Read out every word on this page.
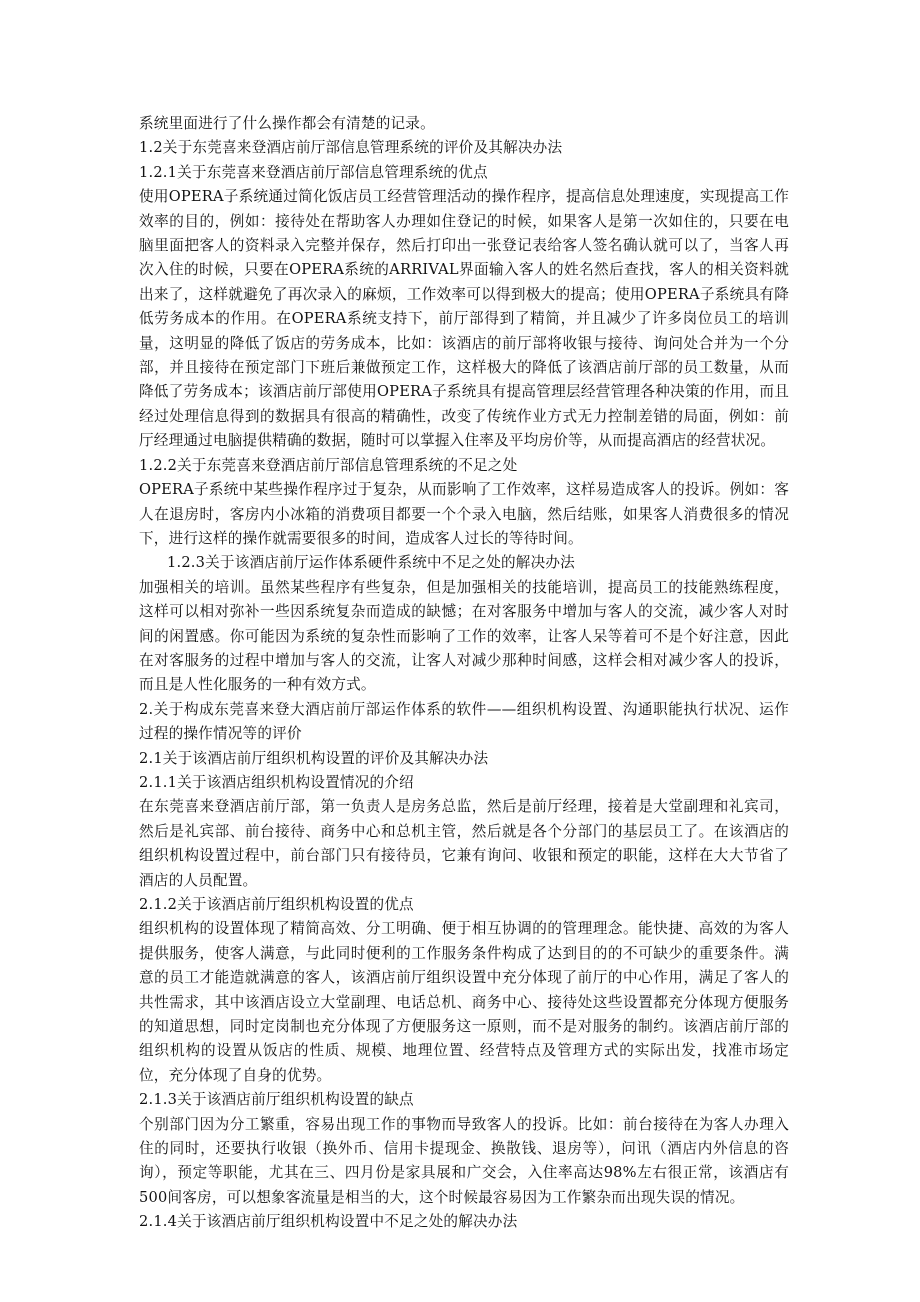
系统里面进行了什么操作都会有清楚的记录。

1.2关于东莞喜来登酒店前厅部信息管理系统的评价及其解决办法

1.2.1关于东莞喜来登酒店前厅部信息管理系统的优点

使用OPERA子系统通过简化饭店员工经营管理活动的操作程序，提高信息处理速度，实现提高工作效率的目的，例如：接待处在帮助客人办理如住登记的时候，如果客人是第一次如住的，只要在电脑里面把客人的资料录入完整并保存，然后打印出一张登记表给客人签名确认就可以了，当客人再次入住的时候，只要在OPERA系统的ARRIVAL界面输入客人的姓名然后查找，客人的相关资料就出来了，这样就避免了再次录入的麻烦，工作效率可以得到极大的提高；使用OPERA子系统具有降低劳务成本的作用。在OPERA系统支持下，前厅部得到了精简，并且减少了许多岗位员工的培训量，这明显的降低了饭店的劳务成本，比如：该酒店的前厅部将收银与接待、询问处合并为一个分部，并且接待在预定部门下班后兼做预定工作，这样极大的降低了该酒店前厅部的员工数量，从而降低了劳务成本；该酒店前厅部使用OPERA子系统具有提高管理层经营管理各种决策的作用，而且经过处理信息得到的数据具有很高的精确性，改变了传统作业方式无力控制差错的局面，例如：前厅经理通过电脑提供精确的数据，随时可以掌握入住率及平均房价等，从而提高酒店的经营状况。

1.2.2关于东莞喜来登酒店前厅部信息管理系统的不足之处

OPERA子系统中某些操作程序过于复杂，从而影响了工作效率，这样易造成客人的投诉。例如：客人在退房时，客房内小冰箱的消费项目都要一个个录入电脑，然后结账，如果客人消费很多的情况下，进行这样的操作就需要很多的时间，造成客人过长的等待时间。

1.2.3关于该酒店前厅运作体系硬件系统中不足之处的解决办法

加强相关的培训。虽然某些程序有些复杂，但是加强相关的技能培训，提高员工的技能熟练程度，这样可以相对弥补一些因系统复杂而造成的缺憾；在对客服务中增加与客人的交流，减少客人对时间的闲置感。你可能因为系统的复杂性而影响了工作的效率，让客人呆等着可不是个好注意，因此在对客服务的过程中增加与客人的交流，让客人对减少那种时间感，这样会相对减少客人的投诉，而且是人性化服务的一种有效方式。

2.关于构成东莞喜来登大酒店前厅部运作体系的软件——组织机构设置、沟通职能执行状况、运作过程的操作情况等的评价

2.1关于该酒店前厅组织机构设置的评价及其解决办法

2.1.1关于该酒店组织机构设置情况的介绍

在东莞喜来登酒店前厅部，第一负责人是房务总监，然后是前厅经理，接着是大堂副理和礼宾司，然后是礼宾部、前台接待、商务中心和总机主管，然后就是各个分部门的基层员工了。在该酒店的组织机构设置过程中，前台部门只有接待员，它兼有询问、收银和预定的职能，这样在大大节省了酒店的人员配置。

2.1.2关于该酒店前厅组织机构设置的优点

组织机构的设置体现了精简高效、分工明确、便于相互协调的的管理理念。能快捷、高效的为客人提供服务，使客人满意，与此同时便利的工作服务条件构成了达到目的的不可缺少的重要条件。满意的员工才能造就满意的客人，该酒店前厅组织设置中充分体现了前厅的中心作用，满足了客人的共性需求，其中该酒店设立大堂副理、电话总机、商务中心、接待处这些设置都充分体现方便服务的知道思想，同时定岗制也充分体现了方便服务这一原则，而不是对服务的制约。该酒店前厅部的组织机构的设置从饭店的性质、规模、地理位置、经营特点及管理方式的实际出发，找准市场定位，充分体现了自身的优势。

2.1.3关于该酒店前厅组织机构设置的缺点

个别部门因为分工繁重，容易出现工作的事物而导致客人的投诉。比如：前台接待在为客人办理入住的同时，还要执行收银（换外币、信用卡提现金、换散钱、退房等），问讯（酒店内外信息的咨询），预定等职能，尤其在三、四月份是家具展和广交会，入住率高达98%左右很正常，该酒店有500间客房，可以想象客流量是相当的大，这个时候最容易因为工作繁杂而出现失误的情况。

2.1.4关于该酒店前厅组织机构设置中不足之处的解决办法
